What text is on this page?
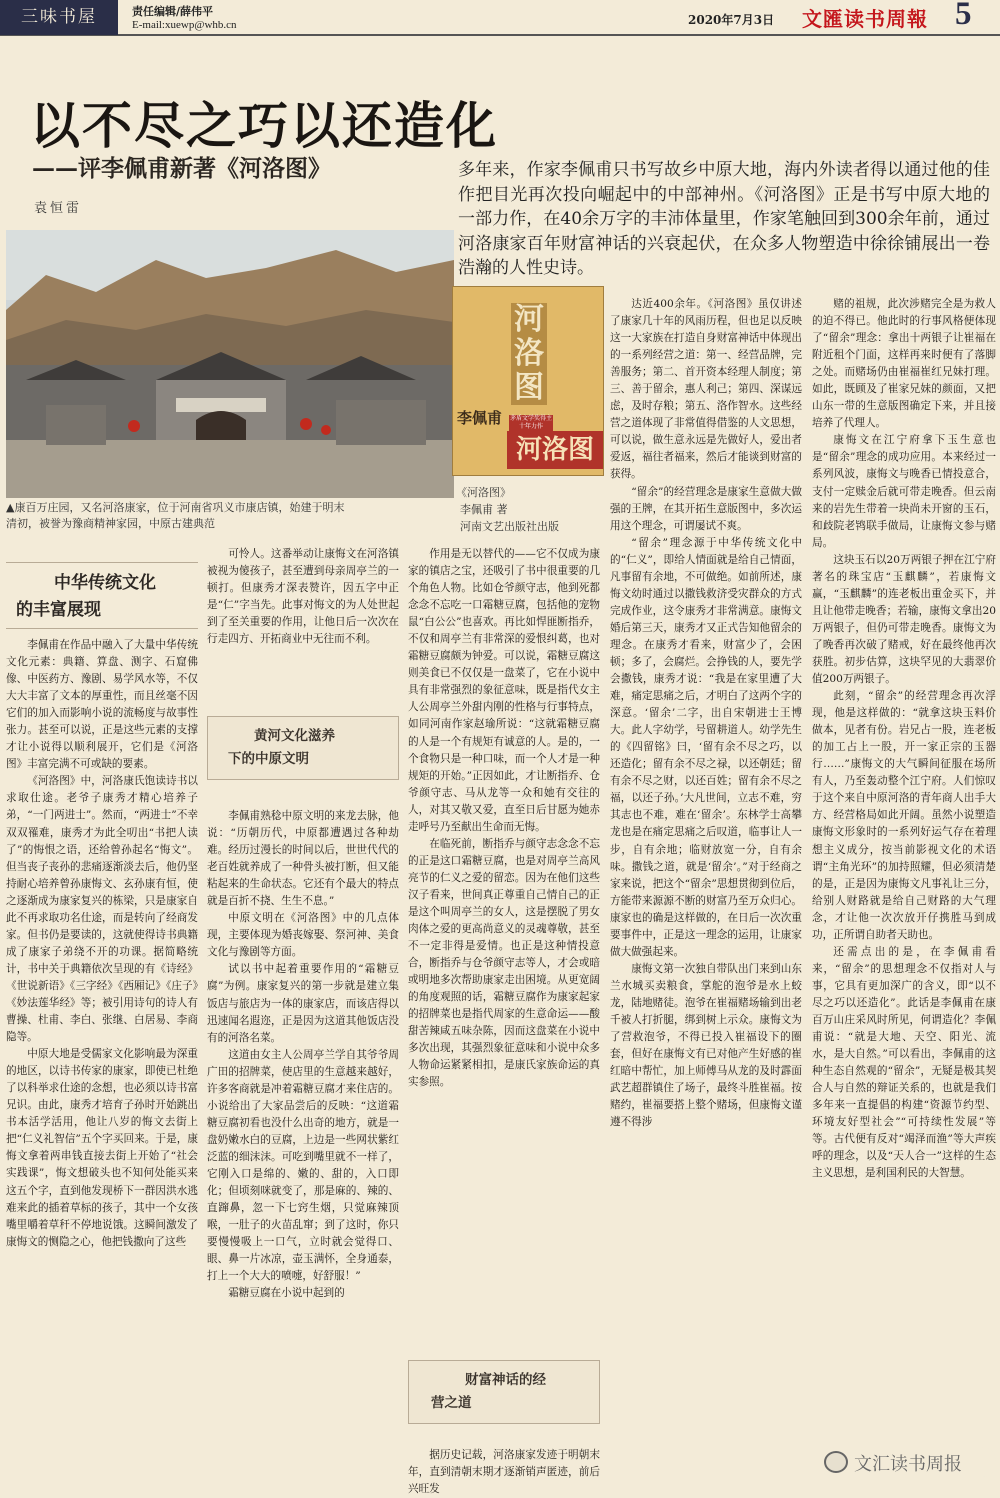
三味书屋	责任编辑/薛伟平
E-mail:xuewp@whb.cn	2020年7月3日 文匯读书周報 5
以不尽之巧以还造化
——评李佩甫新著《河洛图》
袁恒雷
多年来，作家李佩甫只书写故乡中原大地，海内外读者得以通过他的佳作把目光再次投向崛起中的中部神州。《河洛图》正是书写中原大地的一部力作，在40余万字的丰沛体量里，作家笔触回到300余年前，通过河洛康家百年财富神话的兴衰起伏，在众多人物塑造中徐徐铺展出一卷浩瀚的人性史诗。
▲康百万庄园，又名河洛康家，位于河南省巩义市康店镇，始建于明末
清初，被誉为豫商精神家园，中原古建典范
河洛图
茅盾文学奖得主 十年力作
李佩甫
河洛图
《河洛图》
李佩甫 著
河南文艺出版社出版
中华传统文化
的丰富展现

李佩甫在作品中融入了大量中华传统文化元素：典籍、算盘、测字、石窟佛像、中医药方、豫剧、易学风水等，不仅大大丰富了文本的厚重性，而且丝毫不因它们的加入而影响小说的流畅度与故事性张力。甚至可以说，正是这些元素的支撑才让小说得以顺利展开，它们是《河洛图》丰富完满不可或缺的要素。

《河洛图》中，河洛康氏饱读诗书以求取仕途。老爷子康秀才精心培养子弟，“一门两进士”。然而，“两进士”不幸双双罹难，康秀才为此全叨出“书把人读了”的悔恨之语，还给曾孙起名“悔文”。但当丧子丧孙的悲痛逐渐淡去后，他仍坚持耐心培养曾孙康悔文、玄孙康有恒，使之逐渐成为康家复兴的栋梁，只是康家自此不再求取功名仕途，而是转向了经商发家。但书仍是要读的，这就使得诗书典籍成了康家子弟绕不开的功课。据简略统计，书中关于典籍依次呈现的有《诗经》《世说新语》《三字经》《西厢记》《庄子》《妙法莲华经》等；被引用诗句的诗人有曹操、杜甫、李白、张继、白居易、李商隐等。

中原大地是受儒家文化影响最为深重的地区，以诗书传家的康家，即使已杜绝了以科举求仕途的念想，也必须以诗书富兄识。由此，康秀才培育子孙时开始跳出书本活学活用，他让八岁的悔文去街上把“仁义礼智信”五个字买回来。于是，康悔文拿着两串钱直接去街上开始了“社会实践课”，悔文想破头也不知何处能买来这五个字，直到他发现桥下一群因洪水逃难来此的插着草标的孩子，其中一个女孩嘴里嚼着草秆不停地说饿。这瞬间激发了康悔文的恻隐之心，他把钱撒向了这些

可怜人。这番举动让康悔文在河洛镇被视为傻孩子，甚至遭到母亲周亭兰的一顿打。但康秀才深表赞许，因五字中正是“仁”字当先。此事对悔文的为人处世起到了至关重要的作用，让他日后一次次在行走四方、开拓商业中无往而不利。

黄河文化滋养
下的中原文明

李佩甫熟稔中原文明的来龙去脉，他说：“历朝历代，中原都遭遇过各种劫难。经历过漫长的时间以后，世世代代的老百姓就养成了一种骨头被打断，但又能粘起来的生命状态。它还有个最大的特点就是百折不挠、生生不息。”

中原文明在《河洛图》中的几点体现，主要体现为婚丧嫁娶、祭河神、美食文化与豫剧等方面。

试以书中起着重要作用的“霜糖豆腐”为例。康家复兴的第一步就是建立集饭店与旅店为一体的康家店，而该店得以迅速闻名遐迩，正是因为这道其他饭店没有的河洛名菜。

这道由女主人公周亭兰学自其爷爷周广田的招牌菜，使店里的生意越来越好，许多客商就是冲着霜糖豆腐才来住店的。小说给出了大家品尝后的反映：“这道霜糖豆腐初看也没什么出奇的地方，就是一盘奶嫩水白的豆腐，上边是一些网状紫红泛蓝的细沫沫。可吃到嘴里就不一样了，它刚入口是绵的、嫩的、甜的，入口即化；但顷刻咪就变了，那是麻的、辣的、直蹿鼻，忽一下七窍生烟，只觉麻辣顶喉，一肚子的火苗乱窜；到了这时，你只要慢慢吸上一口气，立时就会觉得口、眼、鼻一片冰凉，壶玉满怀，全身通泰，打上一个大大的喷嚏，好舒服！”

霜糖豆腐在小说中起到的

作用是无以替代的——它不仅成为康家的镇店之宝，还吸引了书中很重要的几个角色人物。比如仓爷颜守志，他到死都念念不忘吃一口霜糖豆腐，包括他的宠物鼠“白公公”也喜欢。再比如悍匪断指乔，不仅和周亭兰有非常深的爱恨纠葛，也对霜糖豆腐颇为钟爱。可以说，霜糖豆腐这则美食已不仅仅是一盘菜了，它在小说中具有非常强烈的象征意味，既是指代女主人公周亭兰外甜内刚的性格与行事特点，如同河南作家赵瑜所说：“这就霜糖豆腐的人是一个有规矩有诚意的人。是的，一个食物只是一种口味，而一个人才是一种规矩的开始。”正因如此，才让断指乔、仓爷颜守志、马从龙等一众和她有交往的人，对其又敬又爱，直至日后甘愿为她赤走呼号乃至献出生命而无悔。

在临死前，断指乔与颜守志念念不忘的正是这口霜糖豆腐，也是对周亭兰高风亮节的仁义之爱的留恋。因为在他们这些汉子看来，世间真正尊重自己情自己的正是这个叫周亭兰的女人，这是摆脱了男女肉体之爱的更高尚意义的灵魂尊敬，甚至不一定非得是爱情。也正是这种情投意合，断指乔与仓爷颜守志等人，才会或暗或明地多次帮助康家走出困境。从更宽阔的角度观照的话，霜糖豆腐作为康家起家的招牌菜也是指代周家的生意命运——酸甜苦辣咸五味杂陈，因而这盘菜在小说中多次出现，其强烈象征意味和小说中众多人物命运紧紧相扣，是康氏家族命运的真实参照。

财富神话的经
营之道

据历史记载，河洛康家发迹于明朝末年，直到清朝末期才逐渐销声匿迹，前后兴旺发

达近400余年。《河洛图》虽仅讲述了康家几十年的风雨历程，但也足以反映这一大家族在打造自身财富神话中体现出的一系列经营之道：第一、经营品牌，完善服务；第二、首开资本经理人制度；第三、善于留余，惠人利己；第四、深谋远虑，及时存粮；第五、洛作智水。这些经营之道体现了非常值得借鉴的人文思想，可以说，做生意永远是先做好人，爱出者爱返，福往者福来，然后才能谈到财富的获得。

“留余”的经营理念是康家生意做大做强的王牌，在其开拓生意版图中，多次运用这个理念，可谓屡试不爽。

“留余”理念源于中华传统文化中的“仁义”，即给人情面就是给自己情面，凡事留有余地，不可做绝。如前所述，康悔文幼时通过以撒钱救济受灾群众的方式完成作业，这令康秀才非常满意。康悔文婚后第三天，康秀才又正式告知他留余的理念。在康秀才看来，财富少了，会困顿；多了，会腐烂。会挣钱的人，要先学会撒钱，康秀才说：“我是在家里遭了大难，痛定思痛之后，才明白了这两个字的深意。‘留余’二字，出自宋朝进士王博大。此人字幼学，号留耕道人。幼学先生的《四留铭》曰，‘留有余不尽之巧，以还造化；留有余不尽之禄，以还朝廷；留有余不尽之财，以还百姓；留有余不尽之福，以还子孙。’大凡世间，立志不难，穷其志也不难，难在‘留余’。东林学士高攀龙也是在痛定思痛之后叹道，临事让人一步，自有余地；临财放宽一分，自有余味。撒钱之道，就是‘留余’。”对于经商之家来说，把这个“留余”思想贯彻到位后，方能带来源源不断的财富乃至万众归心。康家也的确是这样做的，在日后一次次重要事件中，正是这一理念的运用，让康家做大做强起来。

康悔文第一次独自带队出门来到山东兰水城买卖粮食，掌舵的泡爷是水上蛟龙，陆地赌徒。泡爷在崔福赌场输到出老千被人打折腿，绑到树上示众。康悔文为了营救泡爷，不得已投入崔福设下的圈套，但好在康悔文有已对他产生好感的崔红暗中帮忙，加上师傅马从龙的及时霹面武艺超群镇住了场子，最终斗胜崔福。按赌约，崔福要搭上整个赌场，但康悔文谨遵不得涉

赌的祖规，此次涉赌完全是为救人的迫不得已。他此时的行事风格便体现了“留余”理念：拿出十两银子让崔福在附近租个门面，这样再来时便有了落脚之处。而赌场仍由崔福崔红兄妹打理。如此，既顾及了崔家兄妹的颜面，又把山东一带的生意版图确定下来，并且接培养了代理人。

康悔文在江宁府拿下玉生意也是“留余”理念的成功应用。本来经过一系列风波，康悔文与晚香已情投意合，支付一定赎金后就可带走晚香。但云南来的岩先生带着一块尚未开窗的玉石，和歧院老鸨联手做局，让康悔文参与赌局。

这块玉石以20万两银子押在江宁府著名的珠宝店“玉麒麟”，若康悔文赢，“玉麒麟”的连老板出重金买下，并且让他带走晚香；若输，康悔文拿出20万两银子，但仍可带走晚香。康悔文为了晚香再次破了赌戒，好在最终他再次获胜。初步估算，这块罕见的大翡翠价值200万两银子。

此刻，“留余”的经营理念再次浮现，他是这样做的：“就拿这块玉料价做本，见者有份。岩兄占一股，连老板的加工占上一股，开一家正宗的玉器行……”康悔文的大气瞬间征服在场所有人，乃至轰动整个江宁府。人们惊叹于这个来自中原河洛的青年商人出手大方、经营格局如此开阔。虽然小说塑造康悔文形象时的一系列好运气存在着理想主义成分，按当前影视文化的术语谓“主角光环”的加持照耀，但必须清楚的是，正是因为康悔文凡事礼让三分，给别人财路就是给自己财路的大气理念，才让他一次次放开仔携胜马到成功，正所谓自助者天助也。

还需点出的是，在李佩甫看来，“留余”的思想理念不仅指对人与事，它具有更加深广的含义，即“以不尽之巧以还造化”。此话是李佩甫在康百万山庄采风时所见，何谓造化？李佩甫说：“就是大地、天空、阳光、流水，是大自然。”可以看出，李佩甫的这种生态自然观的“留余”，无疑是极其契合人与自然的辩证关系的，也就是我们多年来一直提倡的构建“资源节约型、环境友好型社会”“可持续性发展”等等。古代便有反对“竭泽而渔”等大声疾呼的理念，以及“天人合一”这样的生态主义思想，是利国利民的大智慧。

文汇读书周报
